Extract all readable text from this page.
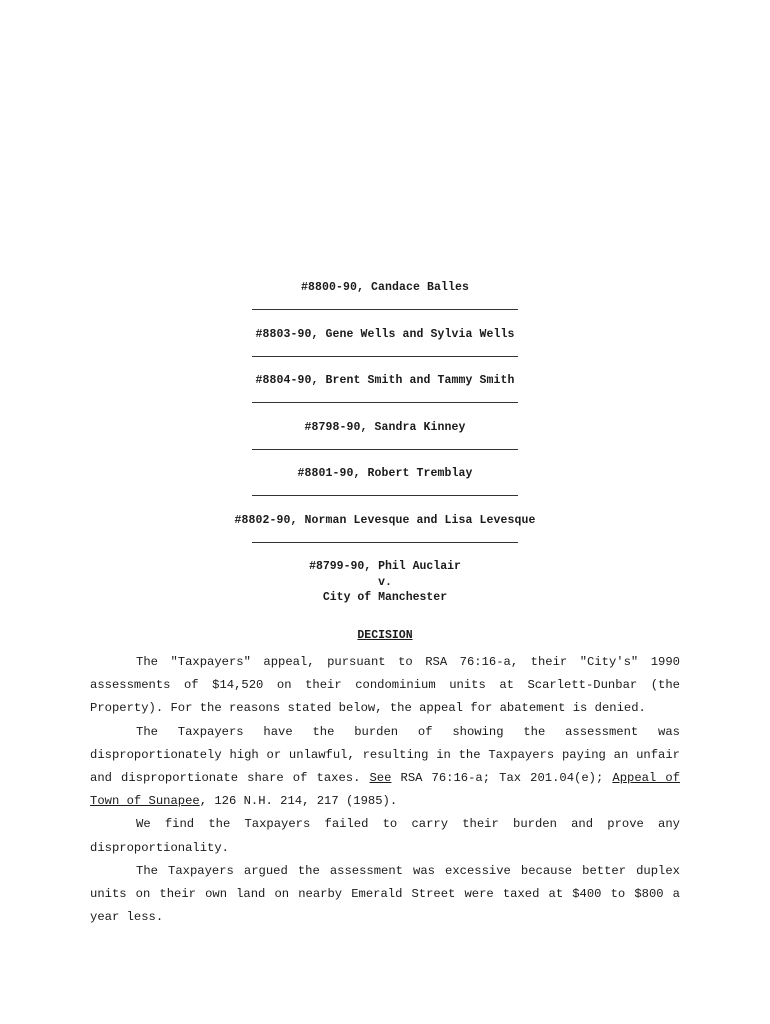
#8800-90, Candace Balles
#8803-90, Gene Wells and Sylvia Wells
#8804-90, Brent Smith and Tammy Smith
#8798-90, Sandra Kinney
#8801-90, Robert Tremblay
#8802-90, Norman Levesque and Lisa Levesque
#8799-90, Phil Auclair
v.
City of Manchester
DECISION

The "Taxpayers" appeal, pursuant to RSA 76:16-a, their "City's" 1990 assessments of $14,520 on their condominium units at Scarlett-Dunbar (the Property). For the reasons stated below, the appeal for abatement is denied.

The Taxpayers have the burden of showing the assessment was disproportionately high or unlawful, resulting in the Taxpayers paying an unfair and disproportionate share of taxes. See RSA 76:16-a; Tax 201.04(e); Appeal of Town of Sunapee, 126 N.H. 214, 217 (1985).

We find the Taxpayers failed to carry their burden and prove any disproportionality.

The Taxpayers argued the assessment was excessive because better duplex units on their own land on nearby Emerald Street were taxed at $400 to $800 a year less.
